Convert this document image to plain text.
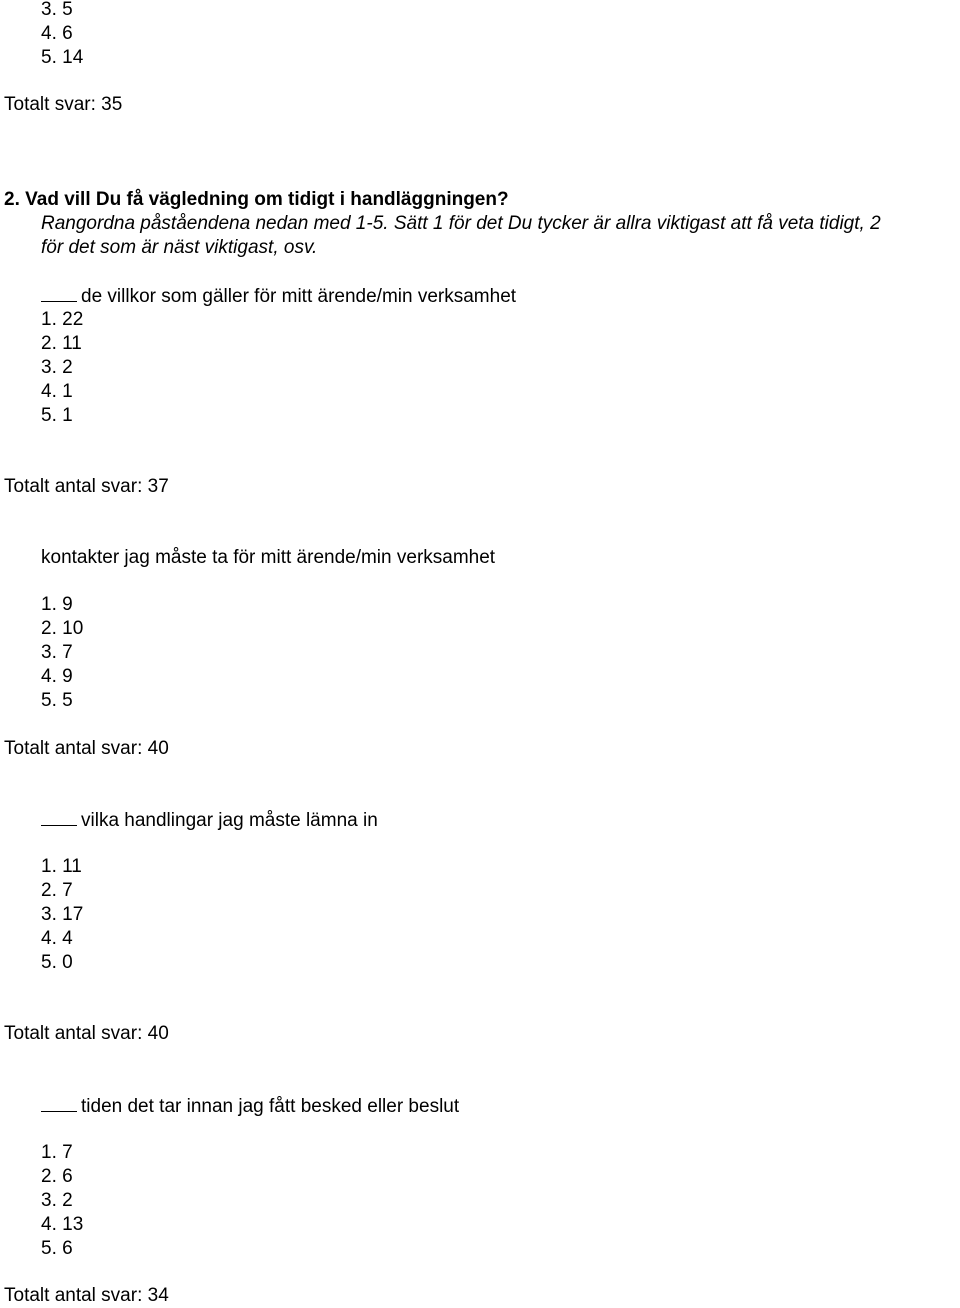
3. 5
4. 6
5. 14
Totalt svar: 35
2. Vad vill Du få vägledning om tidigt i handläggningen?
Rangordna påståendena nedan med 1-5. Sätt 1 för det Du tycker är allra viktigast att få veta tidigt, 2
för det som är näst viktigast, osv.
de villkor som gäller för mitt ärende/min verksamhet
1. 22
2. 11
3. 2
4. 1
5. 1
Totalt antal svar: 37
kontakter jag måste ta för mitt ärende/min verksamhet
1. 9
2. 10
3. 7
4. 9
5. 5
Totalt antal svar: 40
vilka handlingar jag måste lämna in
1. 11
2. 7
3. 17
4. 4
5. 0
Totalt antal svar: 40
tiden det tar innan jag fått besked eller beslut
1. 7
2. 6
3. 2
4. 13
5. 6
Totalt antal svar: 34
